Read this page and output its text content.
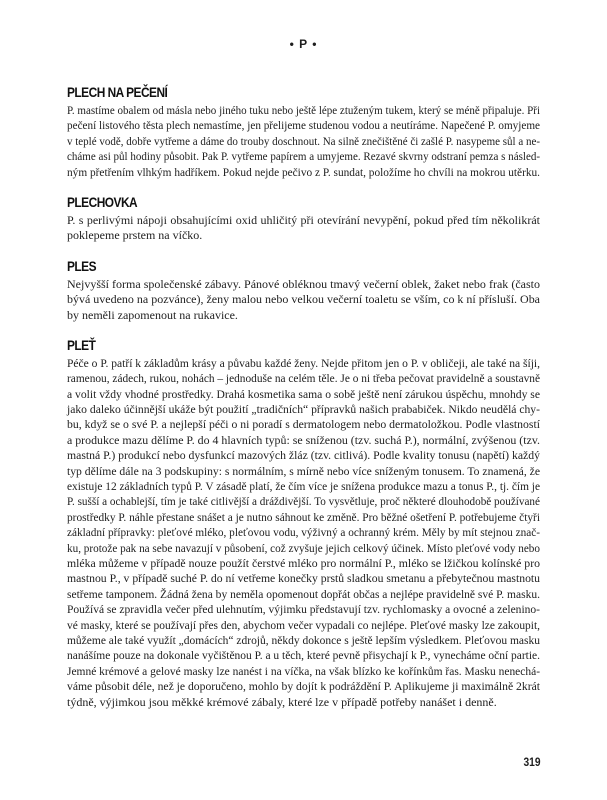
• P •
PLECH NA PEČENÍ
P. mastíme obalem od másla nebo jiného tuku nebo ještě lépe ztuženým tukem, který se méně připaluje. Při
pečení listového těsta plech nemastíme, jen přelijeme studenou vodou a neutíráme. Napečené P. omyjeme
v teplé vodě, dobře vytřeme a dáme do trouby doschnout. Na silně znečištěné či zašlé P. nasypeme sůl a ne-
cháme asi půl hodiny působit. Pak P. vytřeme papírem a umyjeme. Rezavé skvrny odstraní pemza s násled-
ným přetřením vlhkým hadříkem. Pokud nejde pečivo z P. sundat, položíme ho chvíli na mokrou utěrku.
PLECHOVKA
P. s perlivými nápoji obsahujícími oxid uhličitý při otevírání nevypění, pokud před tím několikrát
poklepeme prstem na víčko.
PLES
Nejvyšší forma společenské zábavy. Pánové obléknou tmavý večerní oblek, žaket nebo frak (často
bývá uvedeno na pozvánce), ženy malou nebo velkou večerní toaletu se vším, co k ní přísluší. Oba
by neměli zapomenout na rukavice.
PLEŤ
Péče o P. patří k základům krásy a půvabu každé ženy. Nejde přitom jen o P. v obličeji, ale také na šíji,
ramenou, zádech, rukou, nohách – jednoduše na celém těle. Je o ni třeba pečovat pravidelně a soustavně
a volit vždy vhodné prostředky. Drahá kosmetika sama o sobě ještě není zárukou úspěchu, mnohdy se
jako daleko účinnější ukáže být použití „tradičních“ přípravků našich prababiček. Nikdo neudělá chy-
bu, když se o své P. a nejlepší péči o ni poradí s dermatologem nebo dermatoložkou. Podle vlastností
a produkce mazu dělíme P. do 4 hlavních typů: se sníženou (tzv. suchá P.), normální, zvýšenou (tzv.
mastná P.) produkcí nebo dysfunkcí mazových žláz (tzv. citlivá). Podle kvality tonusu (napětí) každý
typ dělíme dále na 3 podskupiny: s normálním, s mírně nebo více sníženým tonusem. To znamená, že
existuje 12 základních typů P. V zásadě platí, že čím více je snížena produkce mazu a tonus P., tj. čím je
P. sušší a ochablejší, tím je také citlivější a dráždivější. To vysvětluje, proč některé dlouhodobě používané
prostředky P. náhle přestane snášet a je nutno sáhnout ke změně. Pro běžné ošetření P. potřebujeme čtyři
základní přípravky: pleťové mléko, pleťovou vodu, výživný a ochranný krém. Měly by mít stejnou znač-
ku, protože pak na sebe navazují v působení, což zvyšuje jejich celkový účinek. Místo pleťové vody nebo
mléka můžeme v případě nouze použít čerstvé mléko pro normální P., mléko se lžičkou kolínské pro
mastnou P., v případě suché P. do ní vetřeme konečky prstů sladkou smetanu a přebytečnou mastnotu
setřeme tamponem. Žádná žena by neměla opomenout dopřát občas a nejlépe pravidelně své P. masku.
Používá se zpravidla večer před ulehnutím, výjimku představují tzv. rychlomasky a ovocné a zelenino-
vé masky, které se používají přes den, abychom večer vypadali co nejlépe. Pleťové masky lze zakoupit,
můžeme ale také využít „domácích“ zdrojů, někdy dokonce s ještě lepším výsledkem. Pleťovou masku
nanášíme pouze na dokonale vyčištěnou P. a u těch, které pevně přisychají k P., vynecháme oční partie.
Jemné krémové a gelové masky lze nanést i na víčka, na však blízko ke kořínkům řas. Masku nenechá-
váme působit déle, než je doporučeno, mohlo by dojít k podráždění P. Aplikujeme ji maximálně 2krát
týdně, výjimkou jsou měkké krémové zábaly, které lze v případě potřeby nanášet i denně.
319
